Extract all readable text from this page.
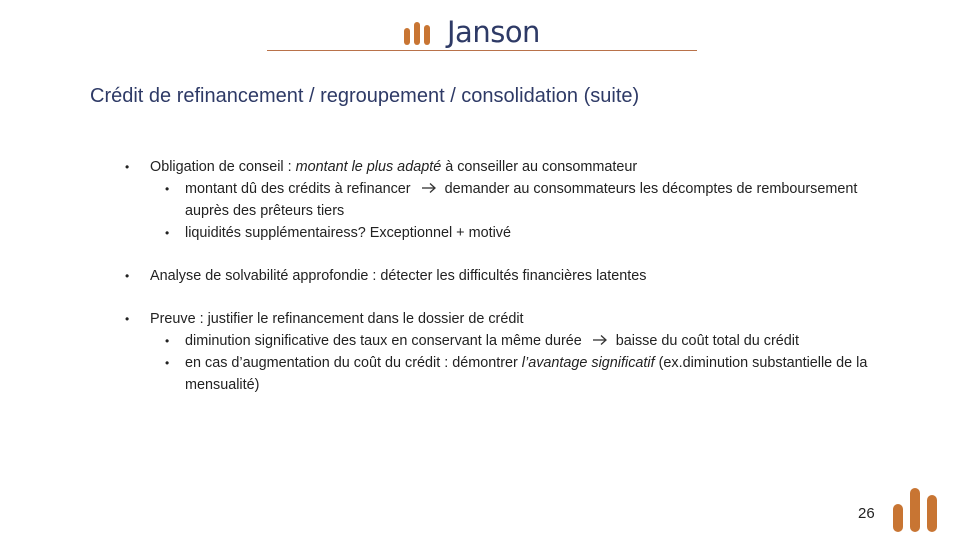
Janson
Crédit de refinancement / regroupement / consolidation (suite)
• Obligation de conseil : montant le plus adapté à conseiller au consommateur
• montant dû des crédits à refinancer demander au consommateurs les décomptes de remboursement auprès des prêteurs tiers
• liquidités supplémentairess? Exceptionnel + motivé
• Analyse de solvabilité approfondie : détecter les difficultés financières latentes
• Preuve : justifier le refinancement dans le dossier de crédit
• diminution significative des taux en conservant la même durée baisse du coût total du crédit
• en cas d’augmentation du coût du crédit : démontrer l’avantage significatif (ex.diminution substantielle de la mensualité)
26
